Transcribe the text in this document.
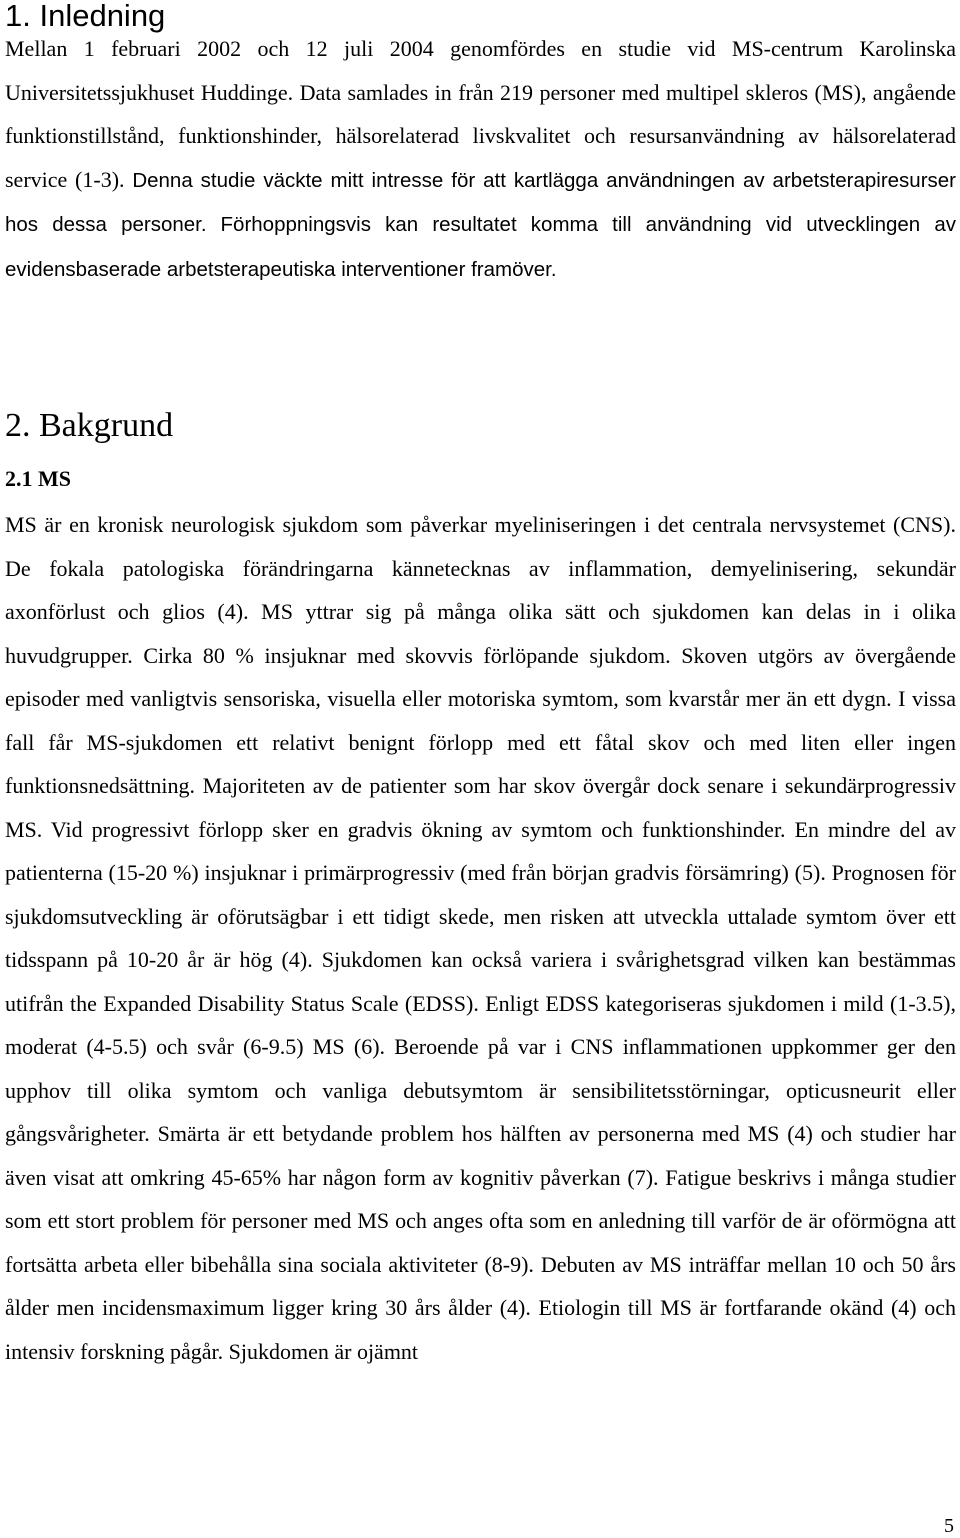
1. Inledning

Mellan 1 februari 2002 och 12 juli 2004 genomfördes en studie vid MS-centrum Karolinska Universitetssjukhuset Huddinge. Data samlades in från 219 personer med multipel skleros (MS), angående funktionstillstånd, funktionshinder, hälsorelaterad livskvalitet och resursanvändning av hälsorelaterad service (1-3). Denna studie väckte mitt intresse för att kartlägga användningen av arbetsterapiresurser hos dessa personer. Förhoppningsvis kan resultatet komma till användning vid utvecklingen av evidensbaserade arbetsterapeutiska interventioner framöver.

2. Bakgrund
2.1 MS

MS är en kronisk neurologisk sjukdom som påverkar myeliniseringen i det centrala nervsystemet (CNS). De fokala patologiska förändringarna kännetecknas av inflammation, demyelinisering, sekundär axonförlust och glios (4). MS yttrar sig på många olika sätt och sjukdomen kan delas in i olika huvudgrupper. Cirka 80 % insjuknar med skovvis förlöpande sjukdom. Skoven utgörs av övergående episoder med vanligtvis sensoriska, visuella eller motoriska symtom, som kvarstår mer än ett dygn. I vissa fall får MS-sjukdomen ett relativt benignt förlopp med ett fåtal skov och med liten eller ingen funktionsnedsättning. Majoriteten av de patienter som har skov övergår dock senare i sekundärprogressiv MS. Vid progressivt förlopp sker en gradvis ökning av symtom och funktionshinder. En mindre del av patienterna (15-20 %) insjuknar i primärprogressiv (med från början gradvis försämring) (5). Prognosen för sjukdomsutveckling är oförutsägbar i ett tidigt skede, men risken att utveckla uttalade symtom över ett tidsspann på 10-20 år är hög (4). Sjukdomen kan också variera i svårighetsgrad vilken kan bestämmas utifrån the Expanded Disability Status Scale (EDSS). Enligt EDSS kategoriseras sjukdomen i mild (1-3.5), moderat (4-5.5) och svår (6-9.5) MS (6). Beroende på var i CNS inflammationen uppkommer ger den upphov till olika symtom och vanliga debutsymtom är sensibilitetsstörningar, opticusneurit eller gångsvårigheter. Smärta är ett betydande problem hos hälften av personerna med MS (4) och studier har även visat att omkring 45-65% har någon form av kognitiv påverkan (7). Fatigue beskrivs i många studier som ett stort problem för personer med MS och anges ofta som en anledning till varför de är oförmögna att fortsätta arbeta eller bibehålla sina sociala aktiviteter (8-9). Debuten av MS inträffar mellan 10 och 50 års ålder men incidensmaximum ligger kring 30 års ålder (4). Etiologin till MS är fortfarande okänd (4) och intensiv forskning pågår. Sjukdomen är ojämnt

5
